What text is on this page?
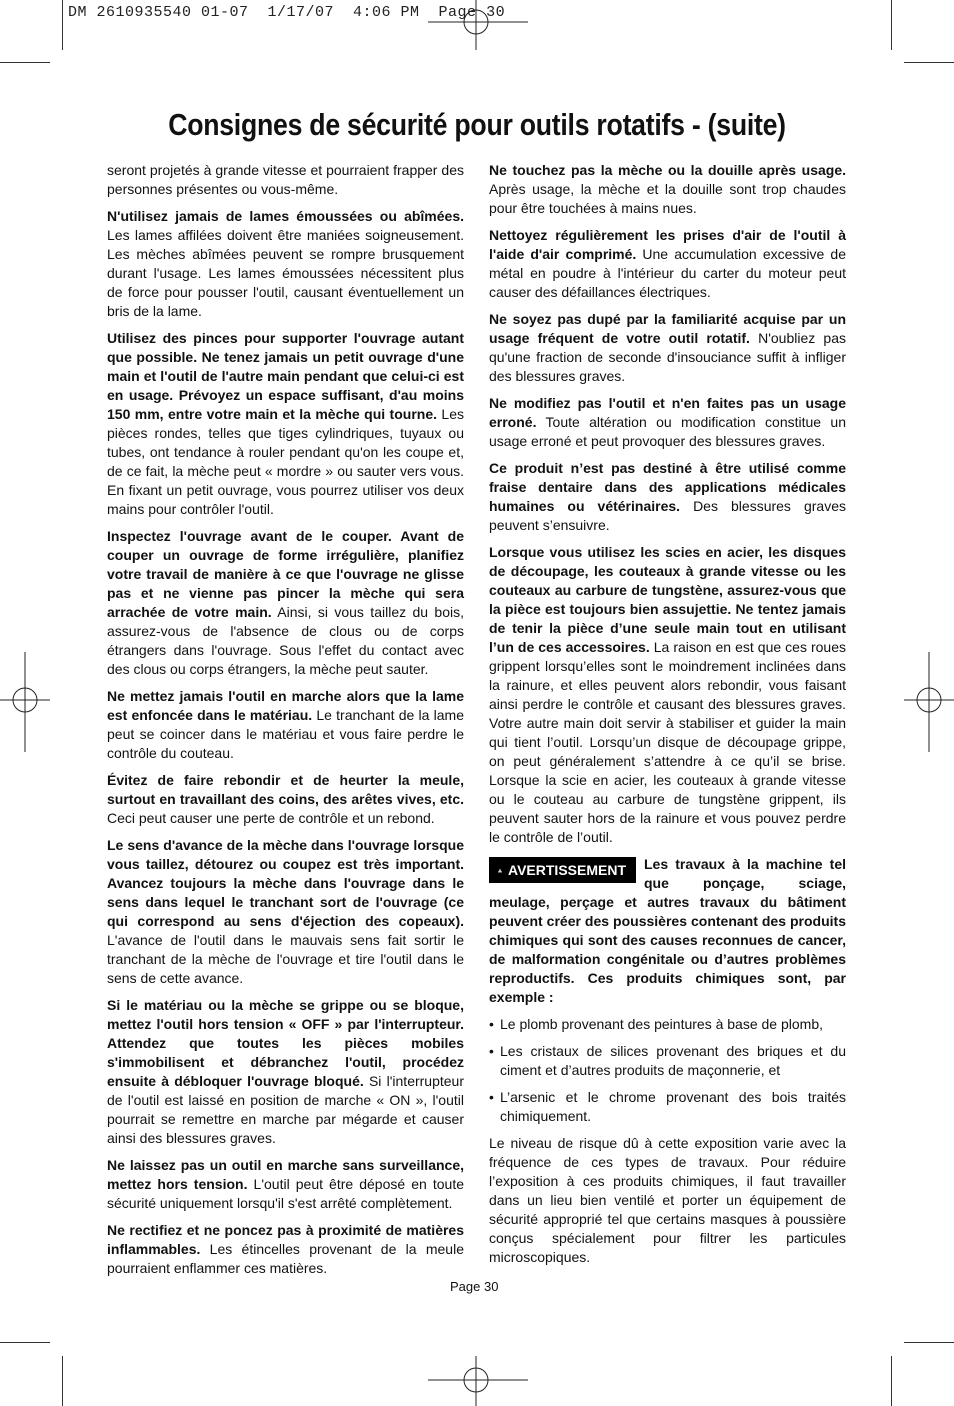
DM 2610935540 01-07  1/17/07  4:06 PM  Page 30
Consignes de sécurité pour outils rotatifs - (suite)

seront projetés à grande vitesse et pourraient frapper des personnes présentes ou vous-même.

N'utilisez jamais de lames émoussées ou abîmées. Les lames affilées doivent être maniées soigneusement. Les mèches abîmées peuvent se rompre brusquement durant l'usage. Les lames émoussées nécessitent plus de force pour pousser l'outil, causant éventuellement un bris de la lame.

Utilisez des pinces pour supporter l'ouvrage autant que possible. Ne tenez jamais un petit ouvrage d'une main et l'outil de l'autre main pendant que celui-ci est en usage. Prévoyez un espace suffisant, d'au moins 150 mm, entre votre main et la mèche qui tourne. Les pièces rondes, telles que tiges cylindriques, tuyaux ou tubes, ont tendance à rouler pendant qu'on les coupe et, de ce fait, la mèche peut « mordre » ou sauter vers vous. En fixant un petit ouvrage, vous pourrez utiliser vos deux mains pour contrôler l'outil.

Inspectez l'ouvrage avant de le couper. Avant de couper un ouvrage de forme irrégulière, planifiez votre travail de manière à ce que l'ouvrage ne glisse pas et ne vienne pas pincer la mèche qui sera arrachée de votre main. Ainsi, si vous taillez du bois, assurez-vous de l'absence de clous ou de corps étrangers dans l'ouvrage. Sous l'effet du contact avec des clous ou corps étrangers, la mèche peut sauter.

Ne mettez jamais l'outil en marche alors que la lame est enfoncée dans le matériau. Le tranchant de la lame peut se coincer dans le matériau et vous faire perdre le contrôle du couteau.

Évitez de faire rebondir et de heurter la meule, surtout en travaillant des coins, des arêtes vives, etc. Ceci peut causer une perte de contrôle et un rebond.

Le sens d'avance de la mèche dans l'ouvrage lorsque vous taillez, détourez ou coupez est très important. Avancez toujours la mèche dans l'ouvrage dans le sens dans lequel le tranchant sort de l'ouvrage (ce qui correspond au sens d'éjection des copeaux). L'avance de l'outil dans le mauvais sens fait sortir le tranchant de la mèche de l'ouvrage et tire l'outil dans le sens de cette avance.

Si le matériau ou la mèche se grippe ou se bloque, mettez l'outil hors tension « OFF » par l'interrupteur. Attendez que toutes les pièces mobiles s'immobilisent et débranchez l'outil, procédez ensuite à débloquer l'ouvrage bloqué. Si l'interrupteur de l'outil est laissé en position de marche « ON », l'outil pourrait se remettre en marche par mégarde et causer ainsi des blessures graves.

Ne laissez pas un outil en marche sans surveillance, mettez hors tension. L'outil peut être déposé en toute sécurité uniquement lorsqu'il s'est arrêté complètement.

Ne rectifiez et ne poncez pas à proximité de matières inflammables. Les étincelles provenant de la meule pourraient enflammer ces matières.

Ne touchez pas la mèche ou la douille après usage. Après usage, la mèche et la douille sont trop chaudes pour être touchées à mains nues.

Nettoyez régulièrement les prises d'air de l'outil à l'aide d'air comprimé. Une accumulation excessive de métal en poudre à l'intérieur du carter du moteur peut causer des défaillances électriques.

Ne soyez pas dupé par la familiarité acquise par un usage fréquent de votre outil rotatif. N'oubliez pas qu'une fraction de seconde d'insouciance suffit à infliger des blessures graves.

Ne modifiez pas l'outil et n'en faites pas un usage erroné. Toute altération ou modification constitue un usage erroné et peut provoquer des blessures graves.

Ce produit n’est pas destiné à être utilisé comme fraise dentaire dans des applications médicales humaines ou vétérinaires. Des blessures graves peuvent s’ensuivre.

Lorsque vous utilisez les scies en acier, les disques de découpage, les couteaux à grande vitesse ou les couteaux au carbure de tungstène, assurez-vous que la pièce est toujours bien assujettie. Ne tentez jamais de tenir la pièce d’une seule main tout en utilisant l’un de ces accessoires. La raison en est que ces roues grippent lorsqu’elles sont le moindrement inclinées dans la rainure, et elles peuvent alors rebondir, vous faisant ainsi perdre le contrôle et causant des blessures graves. Votre autre main doit servir à stabiliser et guider la main qui tient l’outil. Lorsqu’un disque de découpage grippe, on peut généralement s’attendre à ce qu’il se brise. Lorsque la scie en acier, les couteaux à grande vitesse ou le couteau au carbure de tungstène grippent, ils peuvent sauter hors de la rainure et vous pouvez perdre le contrôle de l’outil.

AVERTISSEMENT Les travaux à la machine tel que ponçage, sciage, meulage, perçage et autres travaux du bâtiment peuvent créer des poussières contenant des produits chimiques qui sont des causes reconnues de cancer, de malformation congénitale ou d’autres problèmes reproductifs. Ces produits chimiques sont, par exemple :

• Le plomb provenant des peintures à base de plomb,
• Les cristaux de silices provenant des briques et du ciment et d’autres produits de maçonnerie, et
• L’arsenic et le chrome provenant des bois traités chimiquement.

Le niveau de risque dû à cette exposition varie avec la fréquence de ces types de travaux. Pour réduire l’exposition à ces produits chimiques, il faut travailler dans un lieu bien ventilé et porter un équipement de sécurité approprié tel que certains masques à poussière conçus spécialement pour filtrer les particules microscopiques.

Page 30
